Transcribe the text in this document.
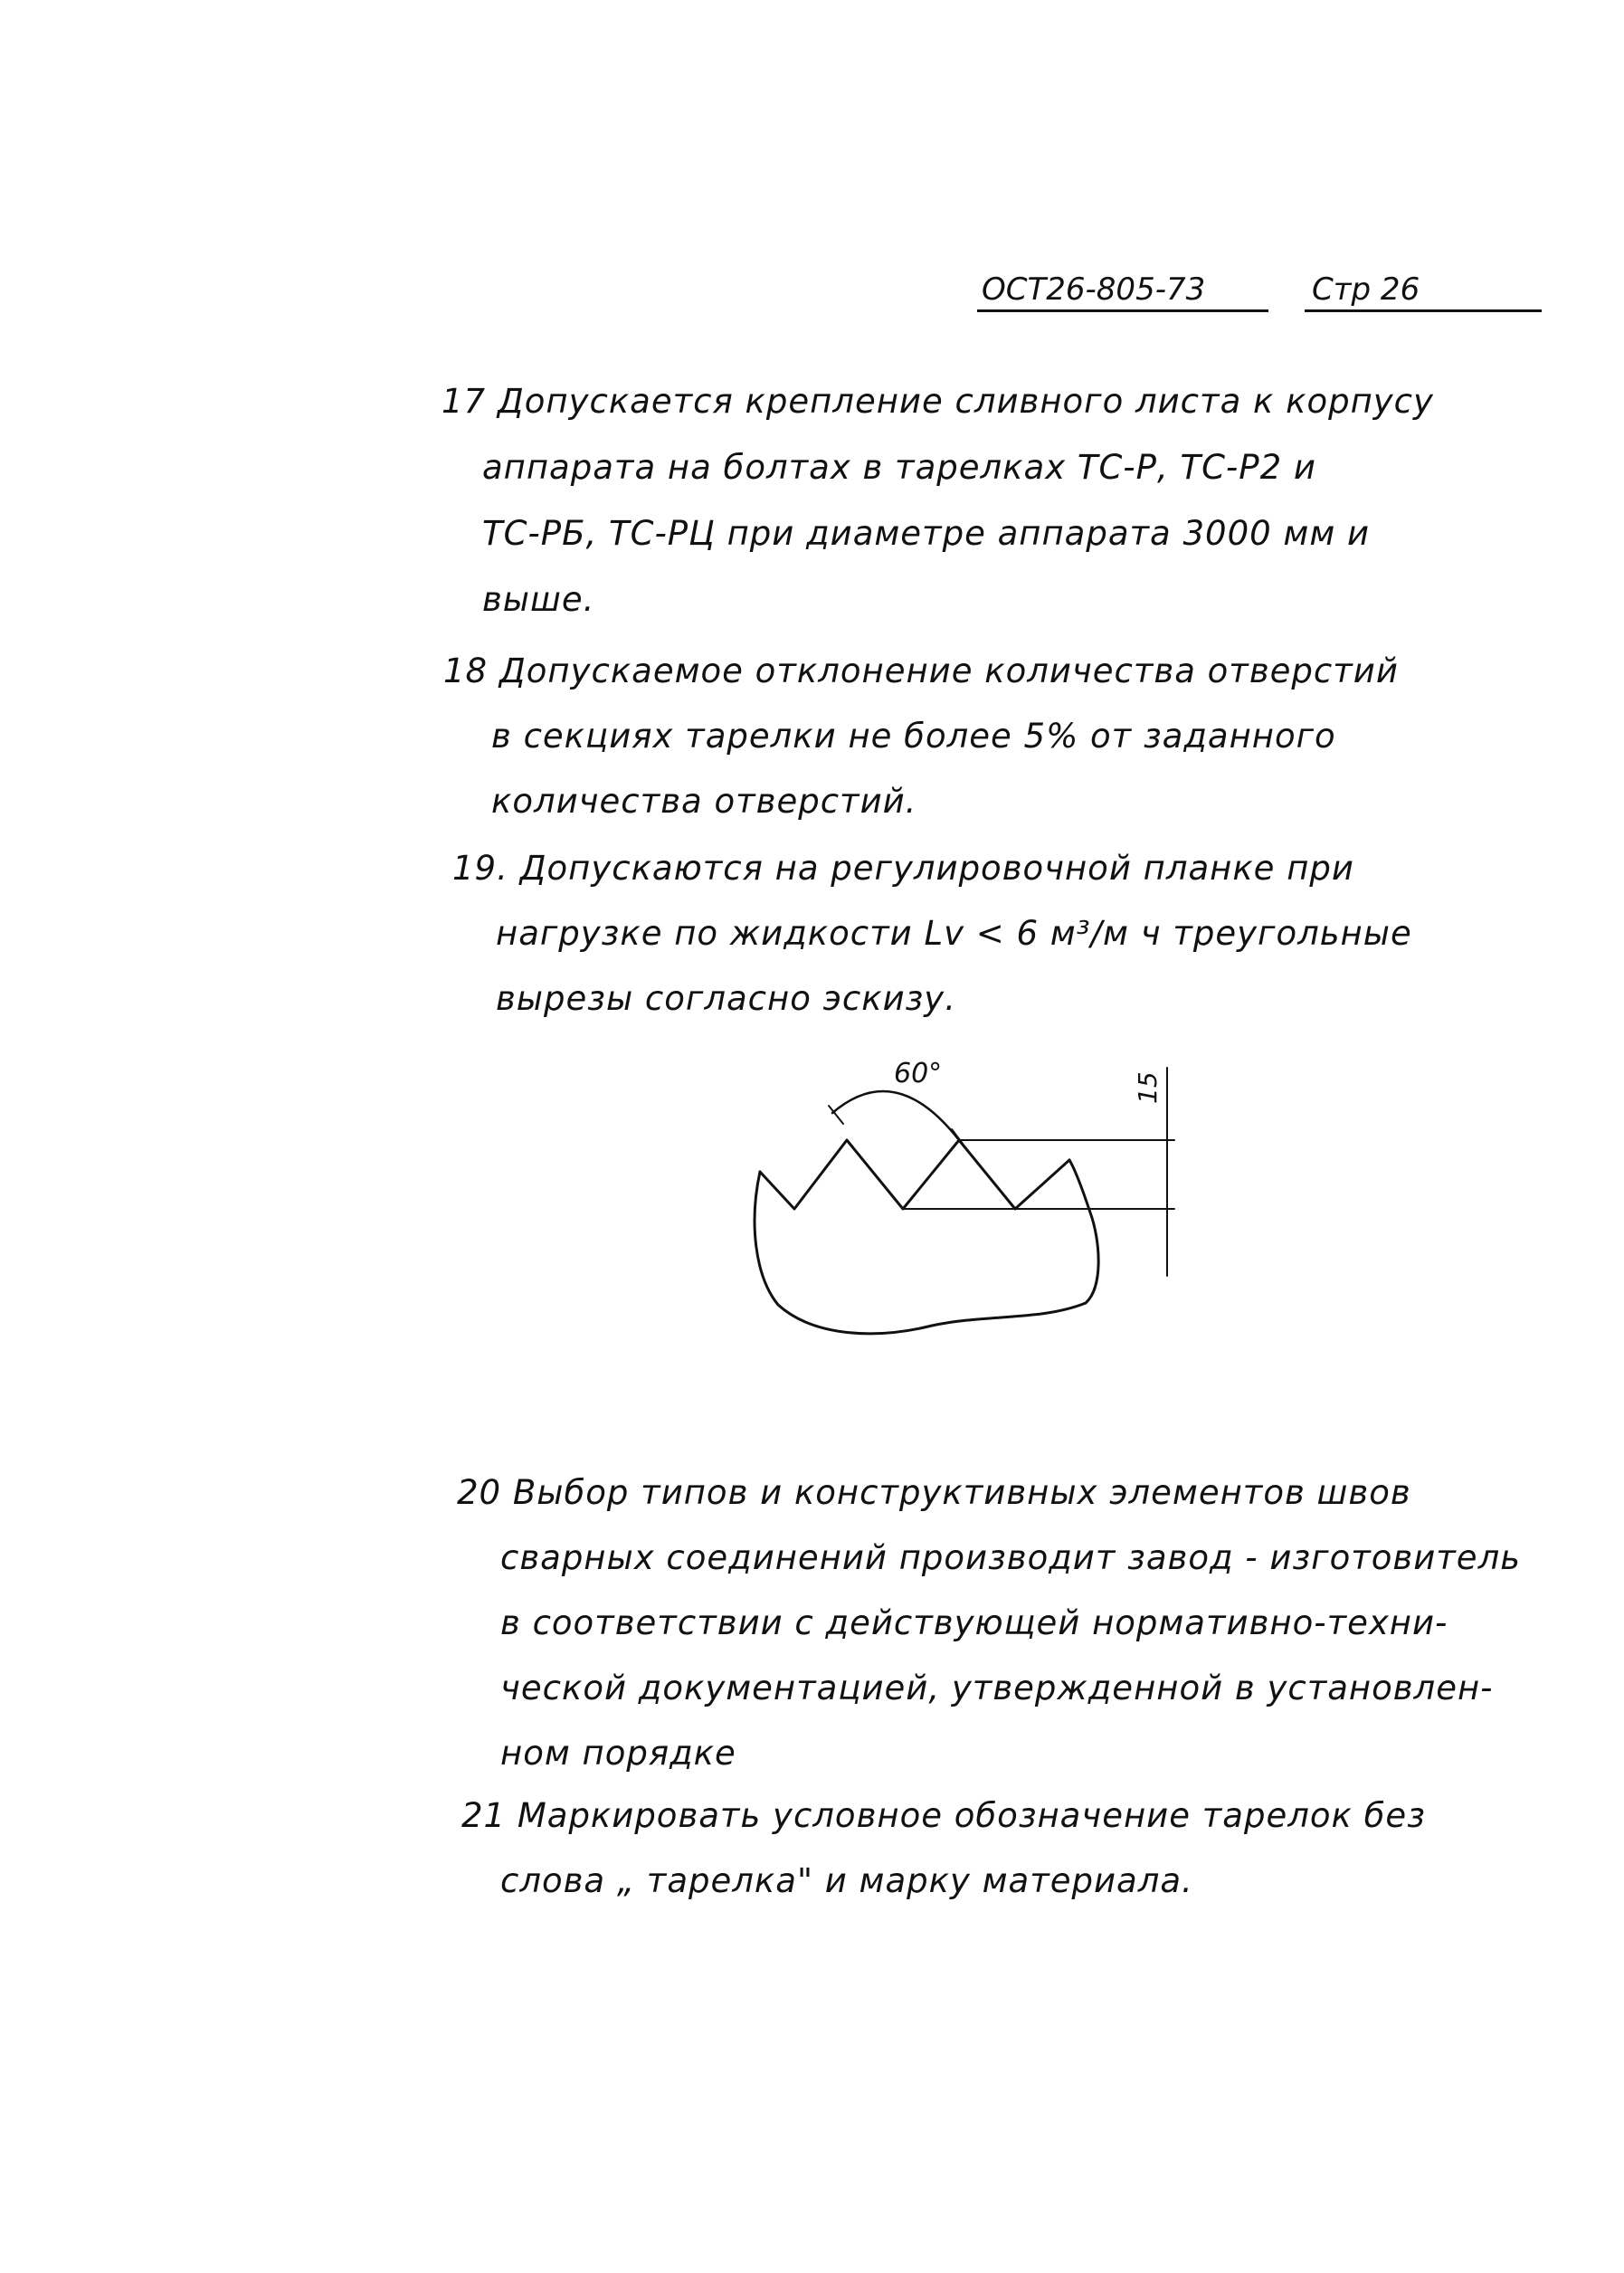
ОСТ26-805-73	Стр 26
17 Допускается крепление сливного листа к корпусу
аппарата на болтах в тарелках ТС-Р, ТС-Р2 и
ТС-РБ, ТС-РЦ при диаметре аппарата 3000 мм и
выше.
18 Допускаемое отклонение количества отверстий
в секциях тарелки не более 5% от заданного
количества отверстий.
19. Допускаются на регулировочной планке при
нагрузке по жидкости Lv < 6 м³/м ч треугольные
вырезы согласно эскизу.
60°	15
20 Выбор типов и конструктивных элементов швов
сварных соединений производит завод - изготовитель
в соответствии с действующей нормативно-техни-
ческой документацией, утвержденной в установлен-
ном порядке
21 Маркировать условное обозначение тарелок без
слова „ тарелка" и марку материала.
